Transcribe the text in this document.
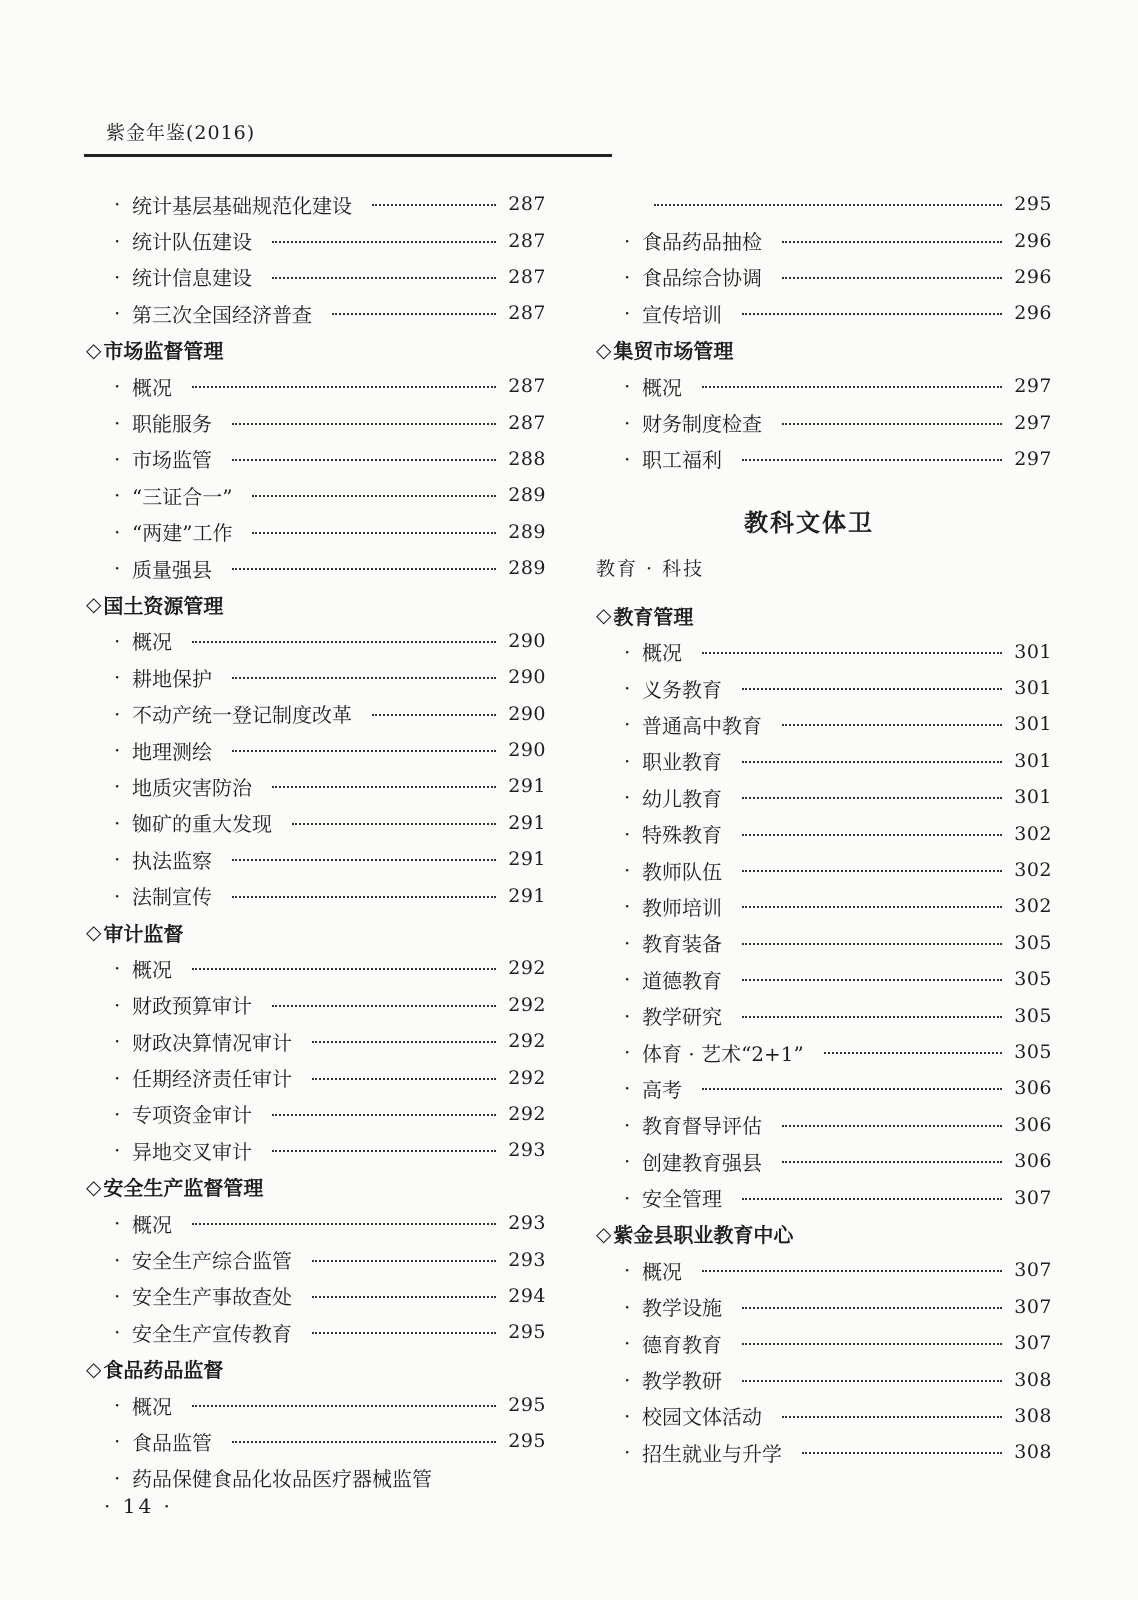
紫金年鉴(2016)
· 统计基层基础规范化建设	287
· 统计队伍建设	287
· 统计信息建设	287
· 第三次全国经济普查	287
◇ 市场监督管理
· 概况	287
· 职能服务	287
· 市场监管	288
· “三证合一”	289
· “两建”工作	289
· 质量强县	289
◇ 国土资源管理
· 概况	290
· 耕地保护	290
· 不动产统一登记制度改革	290
· 地理测绘	290
· 地质灾害防治	291
· 铷矿的重大发现	291
· 执法监察	291
· 法制宣传	291
◇ 审计监督
· 概况	292
· 财政预算审计	292
· 财政决算情况审计	292
· 任期经济责任审计	292
· 专项资金审计	292
· 异地交叉审计	293
◇ 安全生产监督管理
· 概况	293
· 安全生产综合监管	293
· 安全生产事故查处	294
· 安全生产宣传教育	295
◇ 食品药品监督
· 概况	295
· 食品监管	295
· 药品保健食品化妆品医疗器械监管
295
· 食品药品抽检	296
· 食品综合协调	296
· 宣传培训	296
◇ 集贸市场管理
· 概况	297
· 财务制度检查	297
· 职工福利	297
教科文体卫
教育 · 科技
◇ 教育管理
· 概况	301
· 义务教育	301
· 普通高中教育	301
· 职业教育	301
· 幼儿教育	301
· 特殊教育	302
· 教师队伍	302
· 教师培训	302
· 教育装备	305
· 道德教育	305
· 教学研究	305
· 体育 · 艺术“2+1”	305
· 高考	306
· 教育督导评估	306
· 创建教育强县	306
· 安全管理	307
◇ 紫金县职业教育中心
· 概况	307
· 教学设施	307
· 德育教育	307
· 教学教研	308
· 校园文体活动	308
· 招生就业与升学	308
· 14 ·
